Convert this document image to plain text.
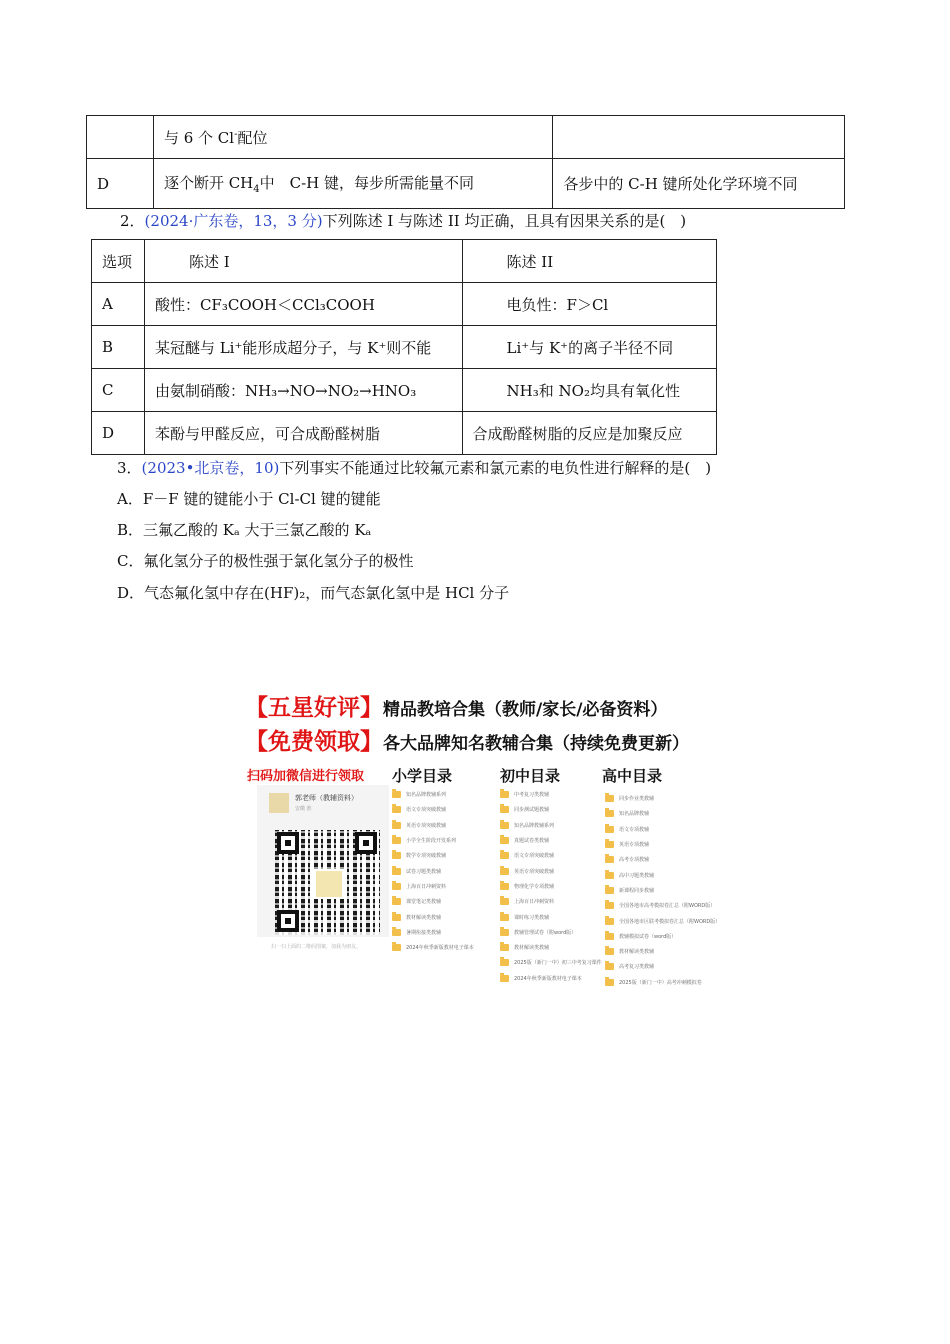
	与 6 个 Cl-配位	
D	逐个断开 $CH_4$中　C-H 键，每步所需能量不同	各步中的 C-H 键所处化学环境不同
2．(2024·广东卷，13，3 分)下列陈述 I 与陈述 II 均正确，且具有因果关系的是(　)
选项	陈述 I	陈述 II
A	酸性：CF₃COOH＜CCl₃COOH	电负性：F＞Cl
B	某冠醚与 Li⁺能形成超分子，与 K⁺则不能	Li⁺与 K⁺的离子半径不同
C	由氨制硝酸：NH₃→NO→NO₂→HNO₃	NH₃和 NO₂均具有氧化性
D	苯酚与甲醛反应，可合成酚醛树脂	合成酚醛树脂的反应是加聚反应
3．(2023•北京卷，10)下列事实不能通过比较氟元素和氯元素的电负性进行解释的是(　)
A．F－F 键的键能小于 Cl-Cl 键的键能
B．三氟乙酸的 Kₐ 大于三氯乙酸的 Kₐ
C．氟化氢分子的极性强于氯化氢分子的极性
D．气态氟化氢中存在(HF)₂，而气态氯化氢中是 HCl 分子
【五星好评】精品教培合集（教师/家长/必备资料）
【免费领取】各大品牌知名教辅合集（持续免费更新）
扫码加微信进行领取
郭老师（教辅资料）
安徽 淮
扫一扫上面的二维码图案，加我为朋友。
小学目录	初中目录	高中目录
知名品牌教辅系列
语文专项突破教辅
英语专项突破教辅
小学全生阶段开发系列
数学专项突破教辅
试卷习题类教辅
上海百日冲刺资料
课堂笔记类教辅
教材解读类教辅
暑期衔接类教辅
2024年秋季新版教材电子课本
中考复习类教辅
同步测试题教辅
知名品牌教辅系列
真题试卷类教辅
语文专项突破教辅
英语专项突破教辅
物理化学专项教辅
上海百日冲刺资料
课时练习类教辅
教辅管理试卷（附word版）
教材解读类教辅
2025版（新门一中）初三中考复习课件
2024年秋季新版教材电子课本
同步作业类教辅
知名品牌教辅
语文专项教辅
英语专项教辅
高考专项教辅
高中习题类教辅
新课程同步教辅
全国各地市高考模拟卷汇总（附WORD版）
全国各地市区联考模拟卷汇总（附WORD版）
教辅模拟试卷（word版）
教材解读类教辅
高考复习类教辅
2025版（新门一中）高考冲刺模拟卷
